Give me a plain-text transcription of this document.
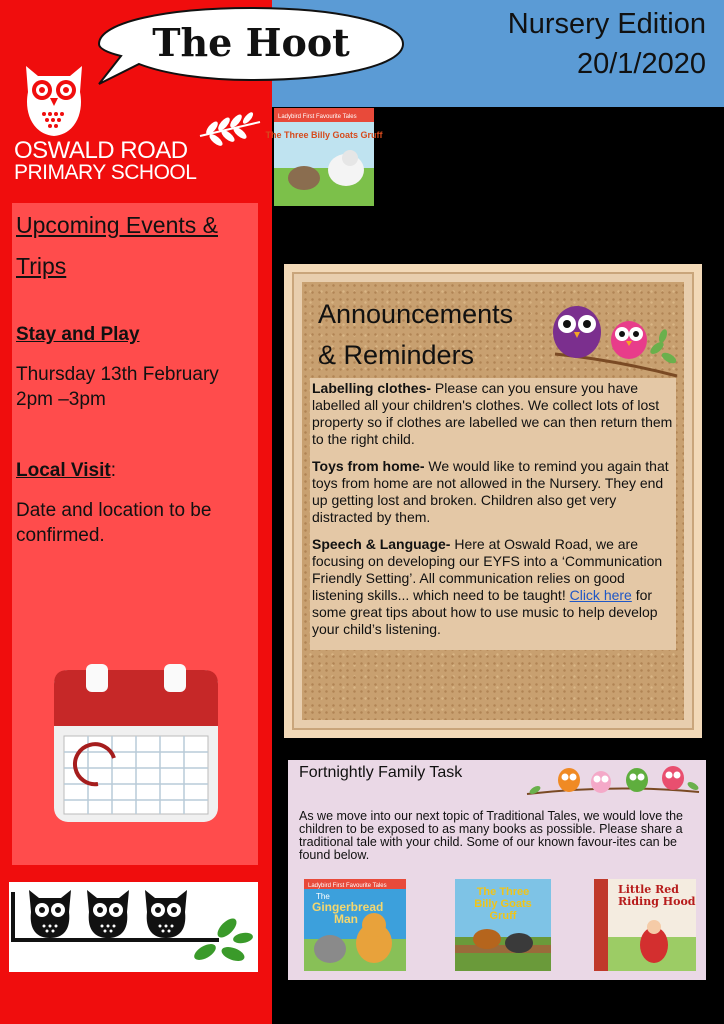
The Hoot	Nursery Edition
20/1/2020
OSWALD ROAD
PRIMARY SCHOOL
Ladybird First Favourite Tales
The Three Billy Goats Gruff
Upcoming Events & Trips
Stay and Play
Thursday 13th February 2pm –3pm
Local Visit:
Date and location to be confirmed.
Announcements
& Reminders

Labelling clothes- Please can you ensure you have labelled all your children's clothes. We collect lots of lost property so if clothes are labelled we can then return them to the right child.

Toys from home- We would like to remind you again that toys from home are not allowed in the Nursery. They end up getting lost and broken. Children also get very distracted by them.

Speech & Language- Here at Oswald Road, we are focusing on developing our EYFS into a ‘Communication Friendly Setting’. All communication relies on good listening skills... which need to be taught! Click here for some great tips about how to use music to help develop your child’s listening.

Fortnightly Family Task
As we move into our next topic of Traditional Tales, we would love the children to be exposed to as many books as possible. Please share a traditional tale with your child. Some of our known favour-ites can be found below.
Ladybird First Favourite Tales
The
Gingerbread
Man
The Three
Billy Goats
Gruff
Little Red
Riding Hood
